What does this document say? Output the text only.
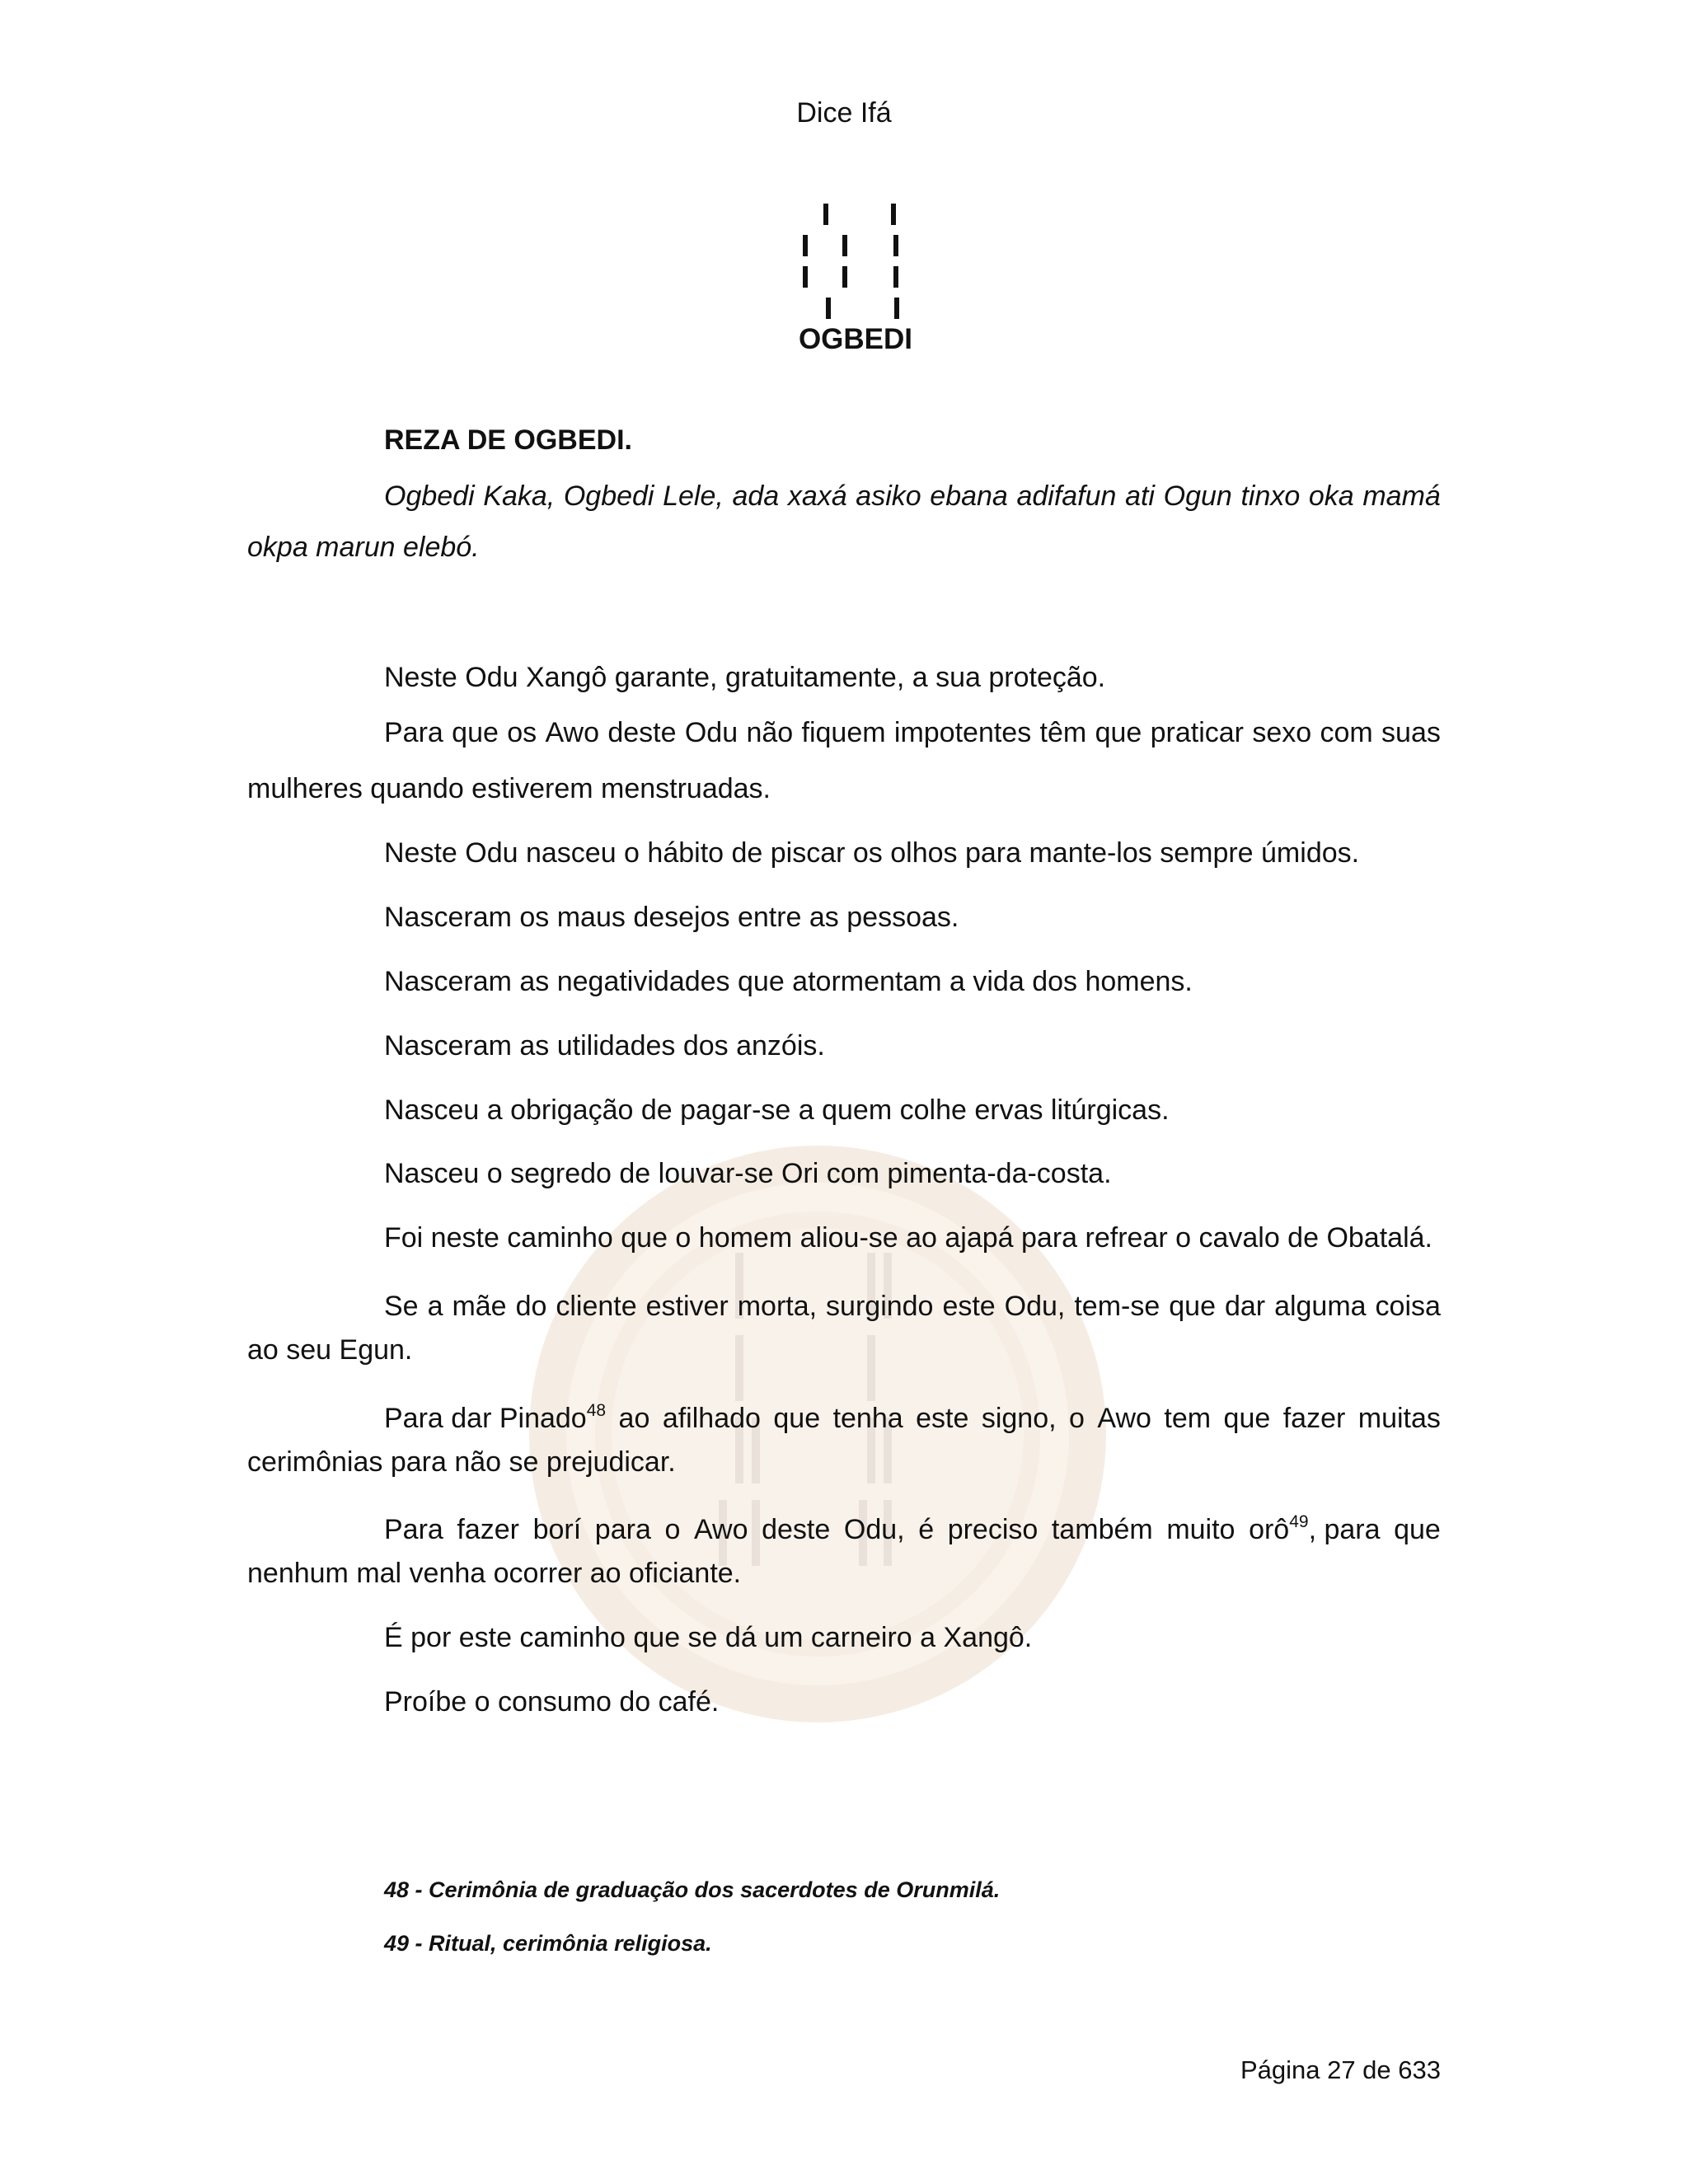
Dice Ifá
OGBEDI
REZA DE OGBEDI.
Ogbedi Kaka, Ogbedi Lele, ada xaxá asiko ebana adifafun ati Ogun tinxo oka mamá
okpa marun elebó.
Neste Odu Xangô garante, gratuitamente, a sua proteção.
Para que os Awo deste Odu não fiquem impotentes têm que praticar sexo com suas
mulheres quando estiverem menstruadas.
Neste Odu nasceu o hábito de piscar os olhos para mante-los sempre úmidos.
Nasceram os maus desejos entre as pessoas.
Nasceram as negatividades que atormentam a vida dos homens.
Nasceram as utilidades dos anzóis.
Nasceu a obrigação de pagar-se a quem colhe ervas litúrgicas.
Nasceu o segredo de louvar-se Ori com pimenta-da-costa.
Foi neste caminho que o homem aliou-se ao ajapá para refrear o cavalo de Obatalá.
Se a mãe do cliente estiver morta, surgindo este Odu, tem-se que dar alguma coisa
ao seu Egun.
Para dar Pinado$^{48}$ ao afilhado que tenha este signo, o Awo tem que fazer muitas
cerimônias para não se prejudicar.
Para fazer borí para o Awo deste Odu, é preciso também muito orô$^{49}$, para que
nenhum mal venha ocorrer ao oficiante.
É por este caminho que se dá um carneiro a Xangô.
Proíbe o consumo do café.
48 - Cerimônia de graduação dos sacerdotes de Orunmilá.
49 - Ritual, cerimônia religiosa.
Página 27 de 633
